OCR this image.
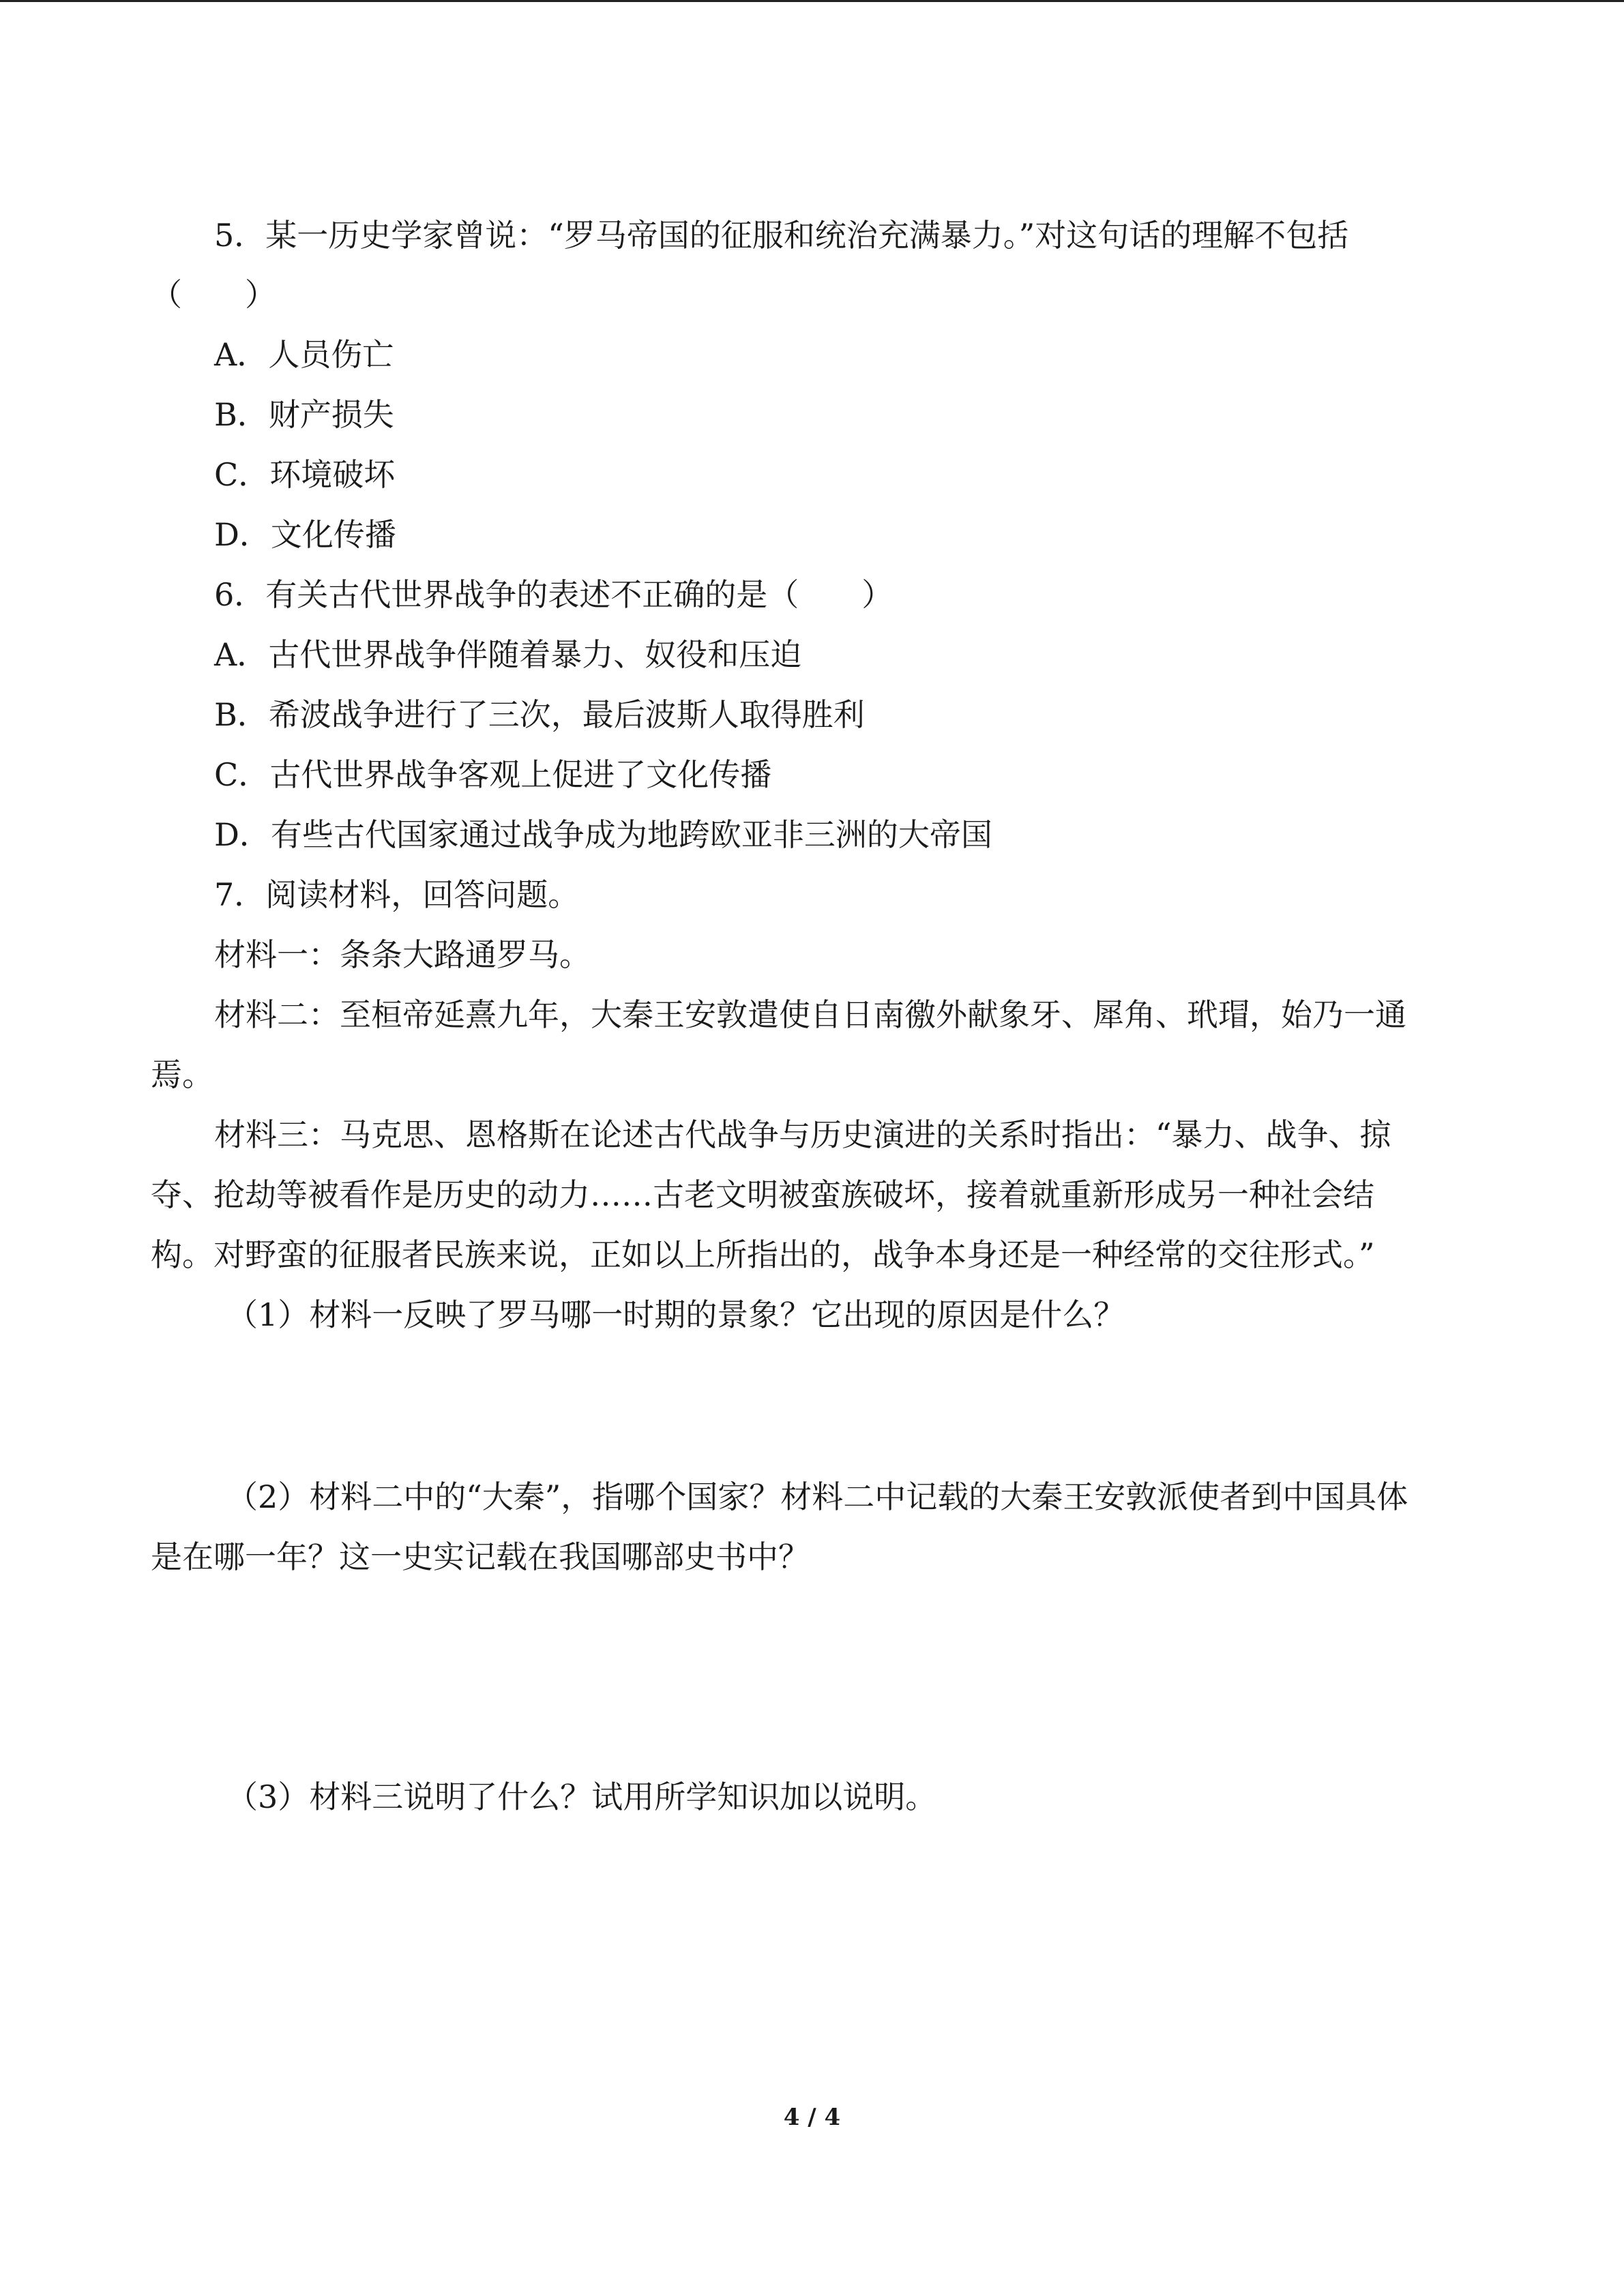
5．某一历史学家曾说：“罗马帝国的征服和统治充满暴力。”对这句话的理解不包括
（　　）
A．人员伤亡
B．财产损失
C．环境破坏
D．文化传播
6．有关古代世界战争的表述不正确的是（　　）
A．古代世界战争伴随着暴力、奴役和压迫
B．希波战争进行了三次，最后波斯人取得胜利
C．古代世界战争客观上促进了文化传播
D．有些古代国家通过战争成为地跨欧亚非三洲的大帝国
7．阅读材料，回答问题。
材料一：条条大路通罗马。
材料二：至桓帝延熹九年，大秦王安敦遣使自日南徼外献象牙、犀角、玳瑁，始乃一通
焉。
材料三：马克思、恩格斯在论述古代战争与历史演进的关系时指出：“暴力、战争、掠
夺、抢劫等被看作是历史的动力……古老文明被蛮族破坏，接着就重新形成另一种社会结
构。对野蛮的征服者民族来说，正如以上所指出的，战争本身还是一种经常的交往形式。”
（1）材料一反映了罗马哪一时期的景象？它出现的原因是什么？
（2）材料二中的“大秦”，指哪个国家？材料二中记载的大秦王安敦派使者到中国具体
是在哪一年？这一史实记载在我国哪部史书中？
（3）材料三说明了什么？试用所学知识加以说明。
4 / 4
